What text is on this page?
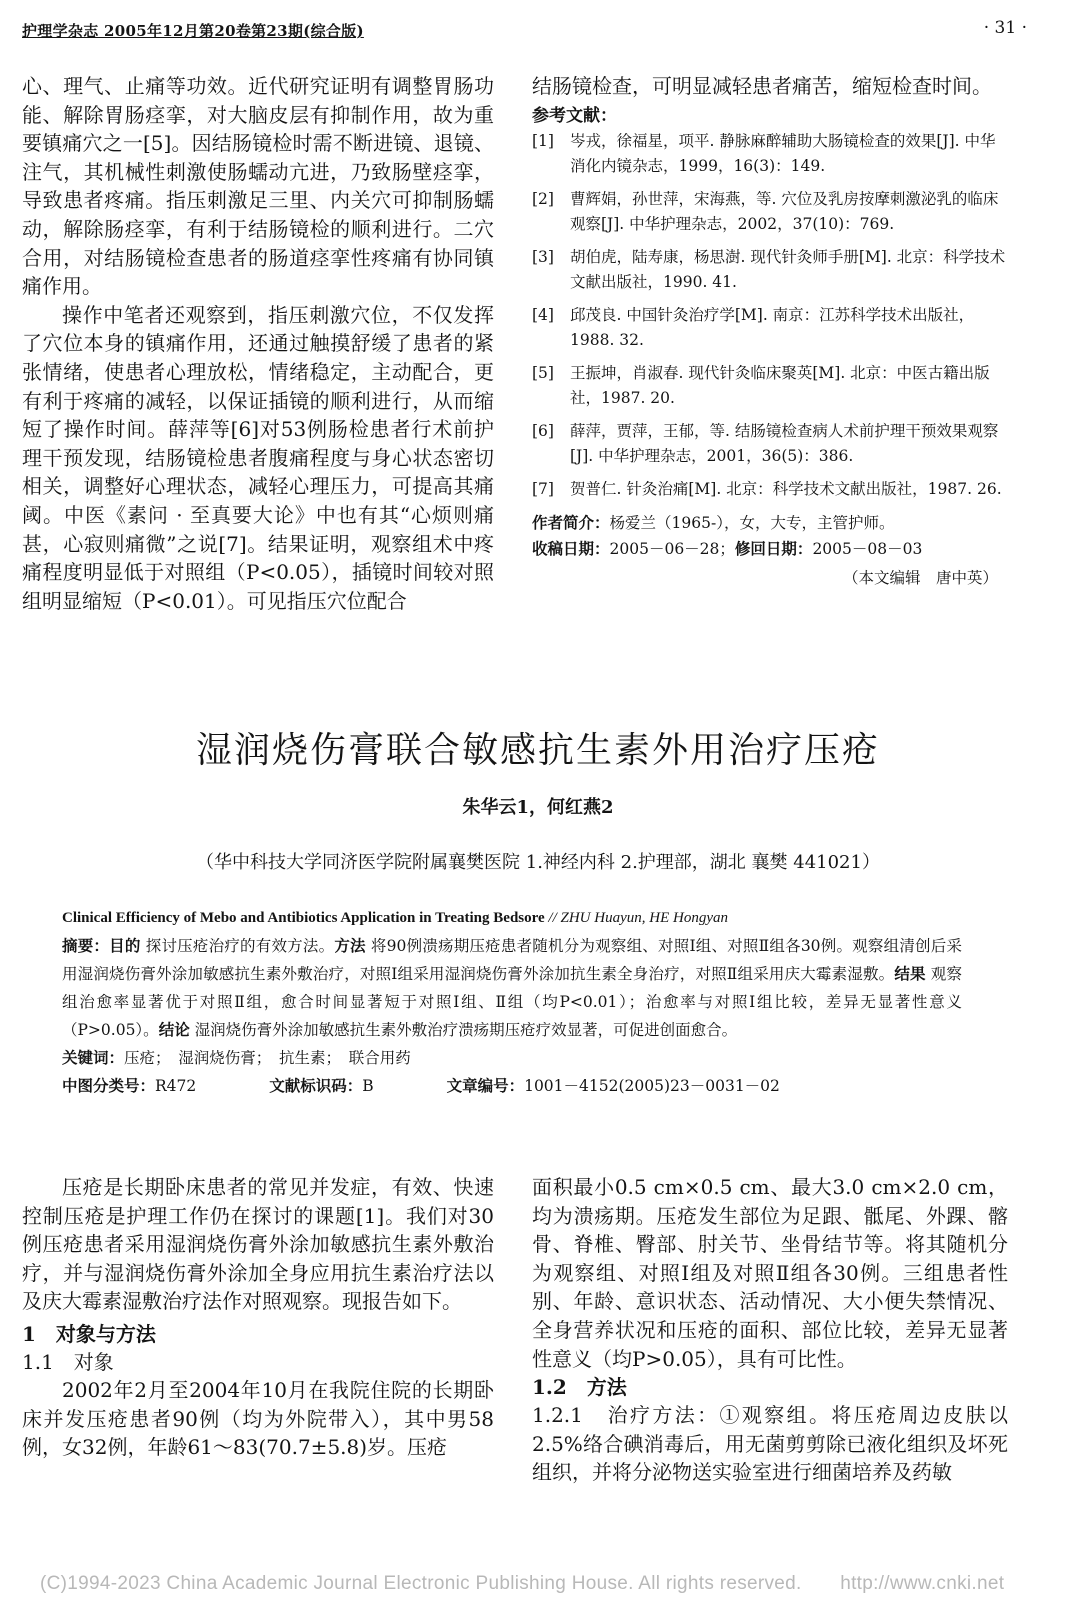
护理学杂志 2005年12月第20卷第23期(综合版)	· 31 ·

心、理气、止痛等功效。近代研究证明有调整胃肠功能、解除胃肠痉挛，对大脑皮层有抑制作用，故为重要镇痛穴之一[5]。因结肠镜检时需不断进镜、退镜、注气，其机械性刺激使肠蠕动亢进，乃致肠壁痉挛，导致患者疼痛。指压刺激足三里、内关穴可抑制肠蠕动，解除肠痉挛，有利于结肠镜检的顺利进行。二穴合用，对结肠镜检查患者的肠道痉挛性疼痛有协同镇痛作用。

操作中笔者还观察到，指压刺激穴位，不仅发挥了穴位本身的镇痛作用，还通过触摸舒缓了患者的紧张情绪，使患者心理放松，情绪稳定，主动配合，更有利于疼痛的减轻，以保证插镜的顺利进行，从而缩短了操作时间。薛萍等[6]对53例肠检患者行术前护理干预发现，结肠镜检患者腹痛程度与身心状态密切相关，调整好心理状态，减轻心理压力，可提高其痛阈。中医《素问 · 至真要大论》中也有其“心烦则痛甚，心寂则痛微”之说[7]。结果证明，观察组术中疼痛程度明显低于对照组（P<0.05），插镜时间较对照组明显缩短（P<0.01）。可见指压穴位配合

结肠镜检查，可明显减轻患者痛苦，缩短检查时间。

参考文献：

[1]	岑戎，徐福星，项平. 静脉麻醉辅助大肠镜检查的效果[J]. 中华消化内镜杂志，1999，16(3)：149.
[2]	曹辉娟，孙世萍，宋海燕，等. 穴位及乳房按摩刺激泌乳的临床观察[J]. 中华护理杂志，2002，37(10)：769.
[3]	胡伯虎，陆寿康，杨思澍. 现代针灸师手册[M]. 北京：科学技术文献出版社，1990. 41.
[4]	邱茂良. 中国针灸治疗学[M]. 南京：江苏科学技术出版社，1988. 32.
[5]	王振坤，肖淑春. 现代针灸临床聚英[M]. 北京：中医古籍出版社，1987. 20.
[6]	薛萍，贾萍，王郁，等. 结肠镜检查病人术前护理干预效果观察[J]. 中华护理杂志，2001，36(5)：386.
[7]	贺普仁. 针灸治痛[M]. 北京：科学技术文献出版社，1987. 26.

作者简介：杨爱兰（1965-），女，大专，主管护师。

收稿日期：2005－06－28；修回日期：2005－08－03

（本文编辑　唐中英）

湿润烧伤膏联合敏感抗生素外用治疗压疮
朱华云1，何红燕2
（华中科技大学同济医学院附属襄樊医院 1.神经内科 2.护理部，湖北 襄樊 441021）

Clinical Efficiency of Mebo and Antibiotics Application in Treating Bedsore // ZHU Huayun, HE Hongyan

摘要：目的 探讨压疮治疗的有效方法。方法 将90例溃疡期压疮患者随机分为观察组、对照Ⅰ组、对照Ⅱ组各30例。观察组清创后采用湿润烧伤膏外涂加敏感抗生素外敷治疗，对照Ⅰ组采用湿润烧伤膏外涂加抗生素全身治疗，对照Ⅱ组采用庆大霉素湿敷。结果 观察组治愈率显著优于对照Ⅱ组，愈合时间显著短于对照Ⅰ组、Ⅱ组（均P<0.01）；治愈率与对照Ⅰ组比较，差异无显著性意义（P>0.05）。结论 湿润烧伤膏外涂加敏感抗生素外敷治疗溃疡期压疮疗效显著，可促进创面愈合。

关键词：压疮；　湿润烧伤膏；　抗生素；　联合用药

中图分类号：R472	文献标识码：B	文章编号：1001－4152(2005)23－0031－02

压疮是长期卧床患者的常见并发症，有效、快速控制压疮是护理工作仍在探讨的课题[1]。我们对30例压疮患者采用湿润烧伤膏外涂加敏感抗生素外敷治疗，并与湿润烧伤膏外涂加全身应用抗生素治疗法以及庆大霉素湿敷治疗法作对照观察。现报告如下。

1　对象与方法

1.1　对象

2002年2月至2004年10月在我院住院的长期卧床并发压疮患者90例（均为外院带入），其中男58例，女32例，年龄61～83(70.7±5.8)岁。压疮

面积最小0.5 cm×0.5 cm、最大3.0 cm×2.0 cm，均为溃疡期。压疮发生部位为足跟、骶尾、外踝、髂骨、脊椎、臀部、肘关节、坐骨结节等。将其随机分为观察组、对照Ⅰ组及对照Ⅱ组各30例。三组患者性别、年龄、意识状态、活动情况、大小便失禁情况、全身营养状况和压疮的面积、部位比较，差异无显著性意义（均P>0.05），具有可比性。

1.2　方法

1.2.1　治疗方法：①观察组。将压疮周边皮肤以2.5%络合碘消毒后，用无菌剪剪除已液化组织及坏死组织，并将分泌物送实验室进行细菌培养及药敏

(C)1994-2023 China Academic Journal Electronic Publishing House. All rights reserved.　　http://www.cnki.net
